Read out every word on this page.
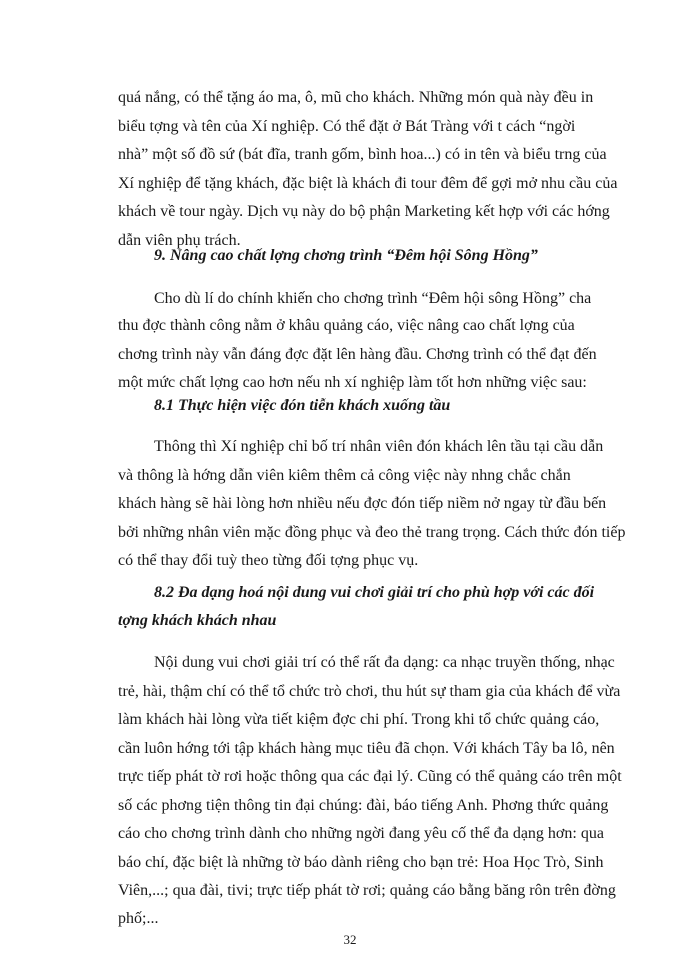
quá nắng, có thể tặng áo ma, ô, mũ cho khách. Những món quà này đều in
biểu tợng và tên của Xí nghiệp. Có thể đặt ở Bát Tràng với t cách “ngời
nhà” một số đồ sứ (bát đĩa, tranh gốm, bình hoa...) có in tên và biểu trng của
Xí nghiệp để tặng khách, đặc biệt là khách đi tour đêm để gợi mở nhu cầu của
khách về tour ngày. Dịch vụ này do bộ phận Marketing kết hợp với các hớng
dẫn viên phụ trách.
9. Nâng cao chất lợng chơng trình “Đêm hội Sông Hồng”
Cho dù lí do chính khiến cho chơng trình “Đêm hội sông Hồng” cha
thu đợc thành công nằm ở khâu quảng cáo, việc nâng cao chất lợng của
chơng trình này vẫn đáng đợc đặt lên hàng đầu. Chơng trình có thể đạt đến
một mức chất lợng cao hơn nếu nh xí nghiệp làm tốt hơn những việc sau:
8.1 Thực hiện việc đón tiễn khách xuống tầu
Thông thì Xí nghiệp chỉ bố trí nhân viên đón khách lên tầu tại cầu dẫn
và thông là hớng dẫn viên kiêm thêm cả công việc này nhng chắc chắn
khách hàng sẽ hài lòng hơn nhiều nếu đợc đón tiếp niềm nở ngay từ đầu bến
bởi những nhân viên mặc đồng phục và đeo thẻ trang trọng. Cách thức đón tiếp
có thể thay đổi tuỳ theo từng đối tợng phục vụ.
8.2 Đa dạng hoá nội dung vui chơi giải trí cho phù hợp với các đối
tợng khách khách nhau
Nội dung vui chơi giải trí có thể rất đa dạng: ca nhạc truyền thống, nhạc
trẻ, hài, thậm chí có thể tổ chức trò chơi, thu hút sự tham gia của khách để vừa
làm khách hài lòng vừa tiết kiệm đợc chi phí. Trong khi tổ chức quảng cáo,
cần luôn hớng tới tập khách hàng mục tiêu đã chọn. Với khách Tây ba lô, nên
trực tiếp phát tờ rơi hoặc thông qua các đại lý. Cũng có thể quảng cáo trên một
số các phơng tiện thông tin đại chúng: đài, báo tiếng Anh. Phơng thức quảng
cáo cho chơng trình dành cho những ngời đang yêu cố thể đa dạng hơn: qua
báo chí, đặc biệt là những tờ báo dành riêng cho bạn trẻ: Hoa Học Trò, Sinh
Viên,...; qua đài, tivi; trực tiếp phát tờ rơi; quảng cáo bằng băng rôn trên đờng
phố;...
32
